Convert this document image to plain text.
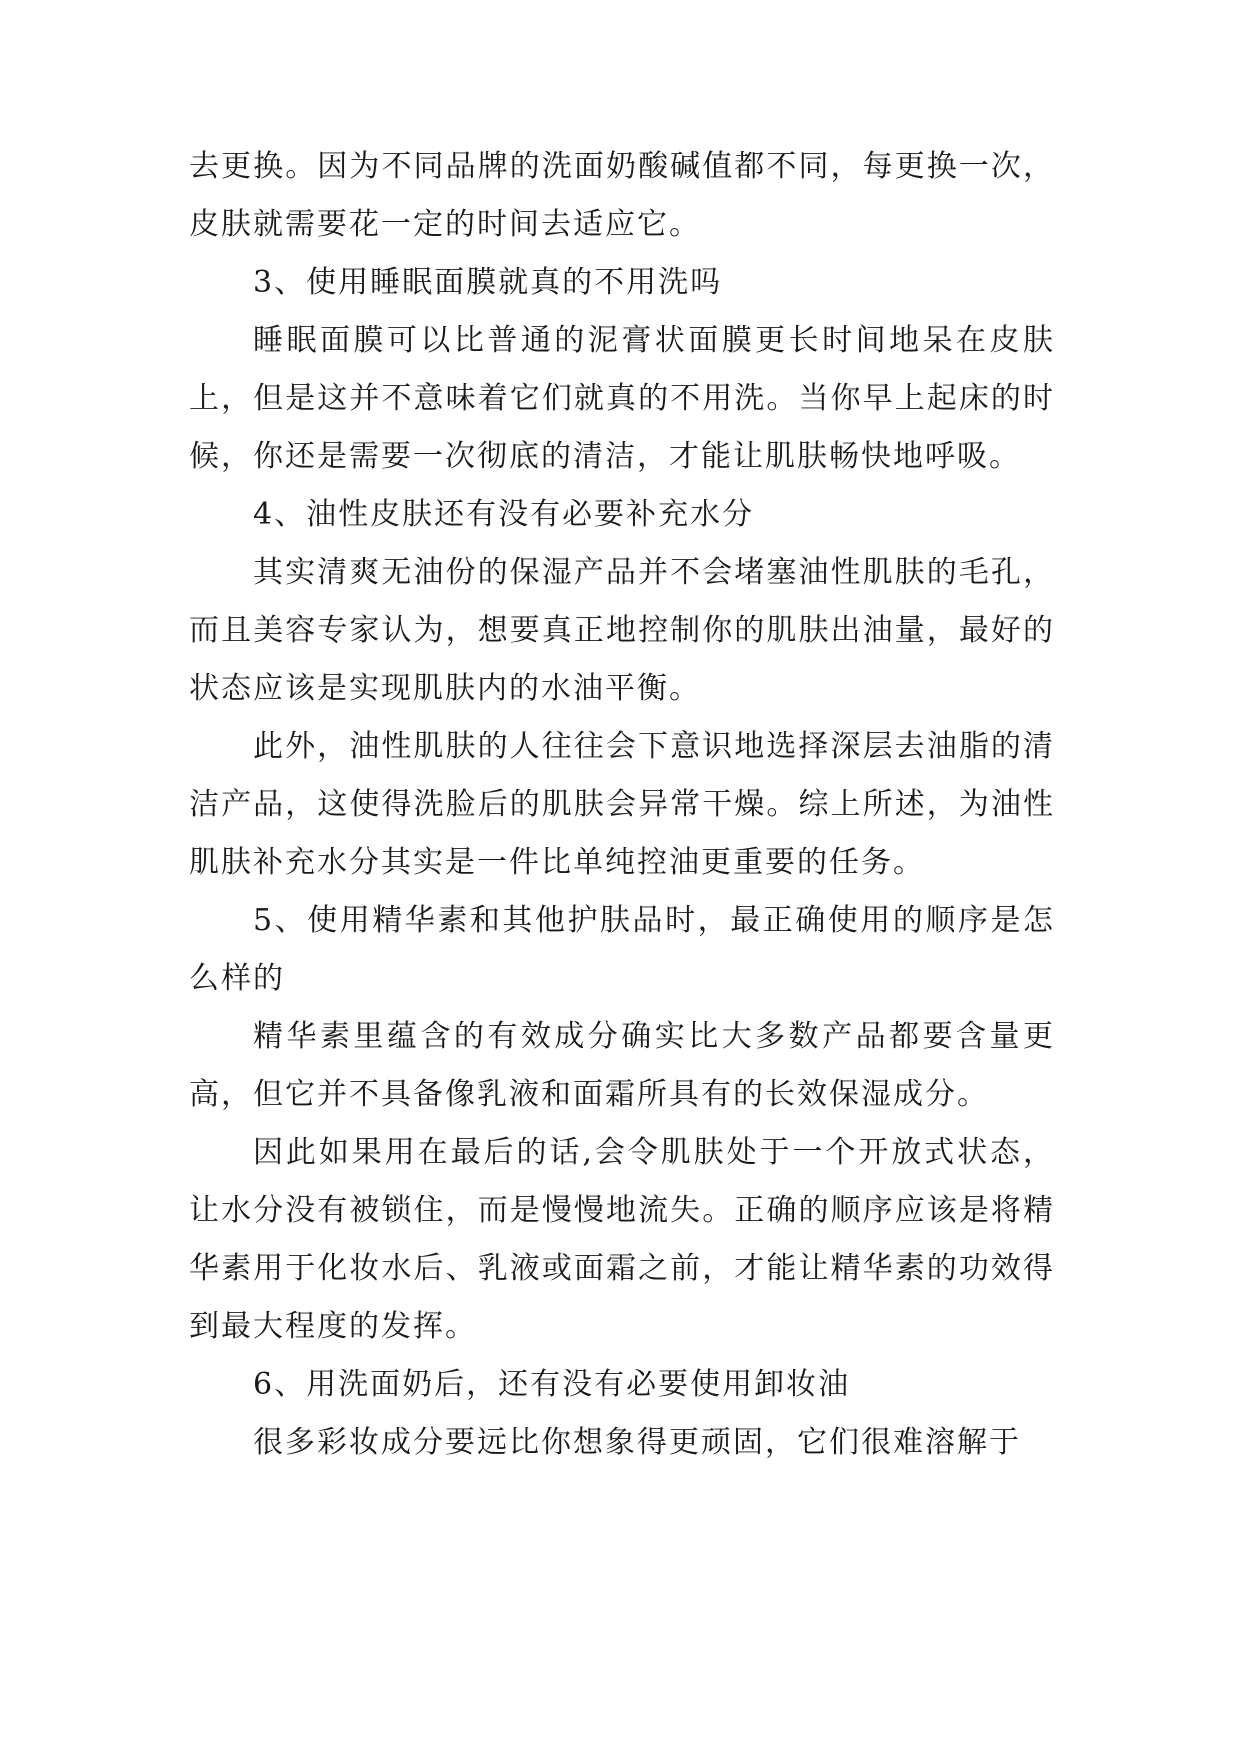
去更换。因为不同品牌的洗面奶酸碱值都不同，每更换一次，皮肤就需要花一定的时间去适应它。

3、使用睡眠面膜就真的不用洗吗

睡眠面膜可以比普通的泥膏状面膜更长时间地呆在皮肤上，但是这并不意味着它们就真的不用洗。当你早上起床的时候，你还是需要一次彻底的清洁，才能让肌肤畅快地呼吸。

4、油性皮肤还有没有必要补充水分

其实清爽无油份的保湿产品并不会堵塞油性肌肤的毛孔，而且美容专家认为，想要真正地控制你的肌肤出油量，最好的状态应该是实现肌肤内的水油平衡。

此外，油性肌肤的人往往会下意识地选择深层去油脂的清洁产品，这使得洗脸后的肌肤会异常干燥。综上所述，为油性肌肤补充水分其实是一件比单纯控油更重要的任务。

5、使用精华素和其他护肤品时，最正确使用的顺序是怎么样的

精华素里蕴含的有效成分确实比大多数产品都要含量更高，但它并不具备像乳液和面霜所具有的长效保湿成分。

因此如果用在最后的话,会令肌肤处于一个开放式状态，让水分没有被锁住，而是慢慢地流失。正确的顺序应该是将精华素用于化妆水后、乳液或面霜之前，才能让精华素的功效得到最大程度的发挥。

6、用洗面奶后，还有没有必要使用卸妆油

很多彩妆成分要远比你想象得更顽固，它们很难溶解于
